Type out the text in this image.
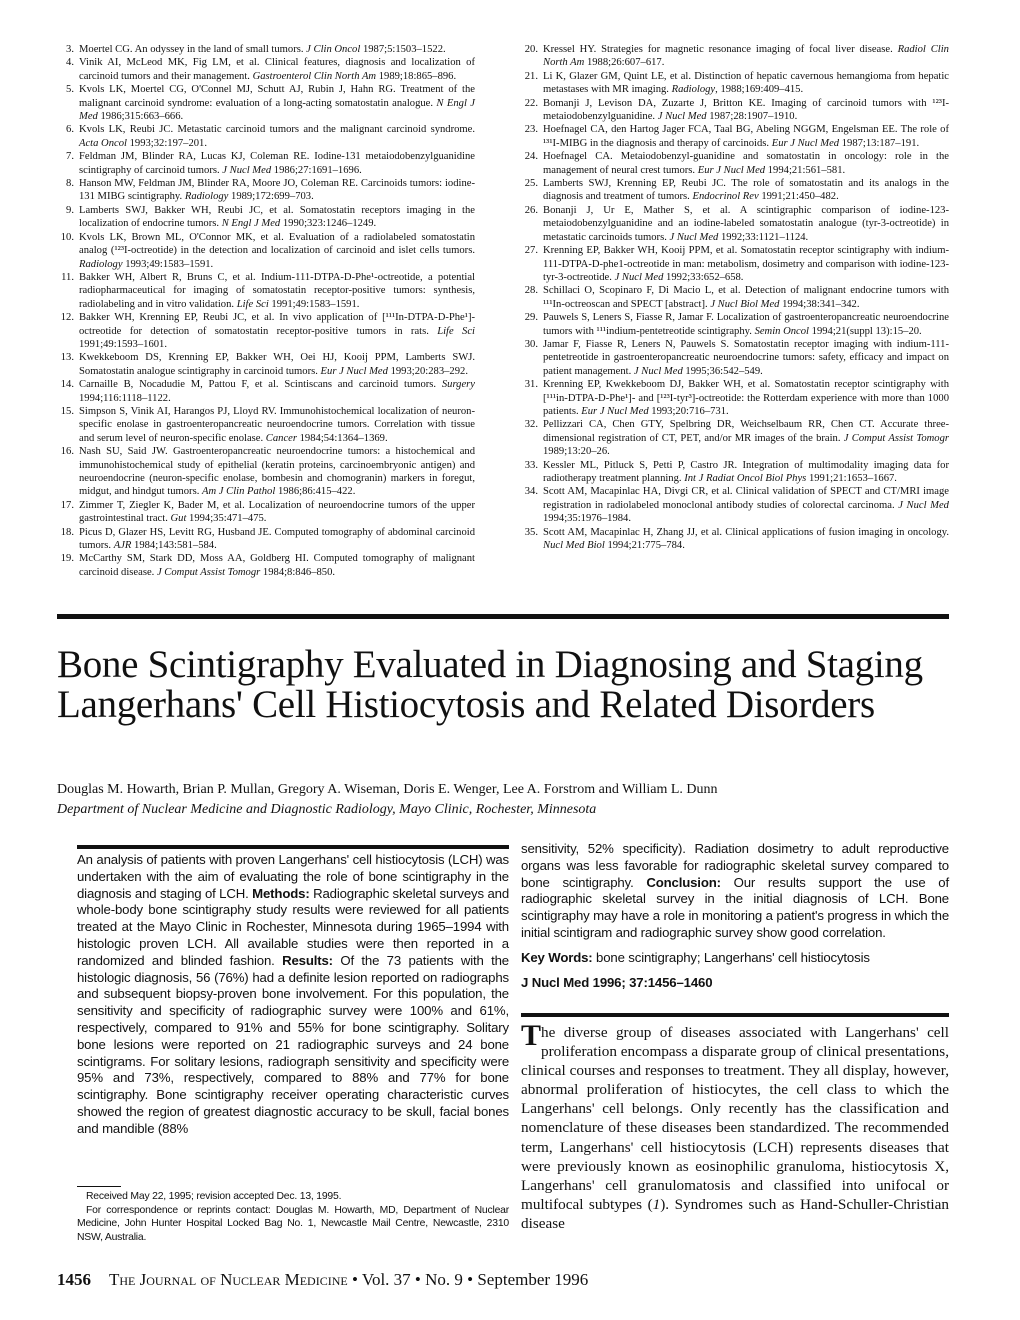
3. Moertel CG. An odyssey in the land of small tumors. J Clin Oncol 1987;5:1503–1522.

4. Vinik AI, McLeod MK, Fig LM, et al. Clinical features, diagnosis and localization of carcinoid tumors and their management. Gastroenterol Clin North Am 1989;18:865–896.

5. Kvols LK, Moertel CG, O'Connel MJ, Schutt AJ, Rubin J, Hahn RG. Treatment of the malignant carcinoid syndrome: evaluation of a long-acting somatostatin analogue. N Engl J Med 1986;315:663–666.

6. Kvols LK, Reubi JC. Metastatic carcinoid tumors and the malignant carcinoid syndrome. Acta Oncol 1993;32:197–201.

7. Feldman JM, Blinder RA, Lucas KJ, Coleman RE. Iodine-131 metaiodobenzylguanidine scintigraphy of carcinoid tumors. J Nucl Med 1986;27:1691–1696.

8. Hanson MW, Feldman JM, Blinder RA, Moore JO, Coleman RE. Carcinoids tumors: iodine-131 MIBG scintigraphy. Radiology 1989;172:699–703.

9. Lamberts SWJ, Bakker WH, Reubi JC, et al. Somatostatin receptors imaging in the localization of endocrine tumors. N Engl J Med 1990;323:1246–1249.

10. Kvols LK, Brown ML, O'Connor MK, et al. Evaluation of a radiolabeled somatostatin analog (¹²³I-octreotide) in the detection and localization of carcinoid and islet cells tumors. Radiology 1993;49:1583–1591.

11. Bakker WH, Albert R, Bruns C, et al. Indium-111-DTPA-D-Phe¹-octreotide, a potential radiopharmaceutical for imaging of somatostatin receptor-positive tumors: synthesis, radiolabeling and in vitro validation. Life Sci 1991;49:1583–1591.

12. Bakker WH, Krenning EP, Reubi JC, et al. In vivo application of [¹¹¹In-DTPA-D-Phe¹]-octreotide for detection of somatostatin receptor-positive tumors in rats. Life Sci 1991;49:1593–1601.

13. Kwekkeboom DS, Krenning EP, Bakker WH, Oei HJ, Kooij PPM, Lamberts SWJ. Somatostatin analogue scintigraphy in carcinoid tumors. Eur J Nucl Med 1993;20:283–292.

14. Carnaille B, Nocadudie M, Pattou F, et al. Scintiscans and carcinoid tumors. Surgery 1994;116:1118–1122.

15. Simpson S, Vinik AI, Harangos PJ, Lloyd RV. Immunohistochemical localization of neuron-specific enolase in gastroenteropancreatic neuroendocrine tumors. Correlation with tissue and serum level of neuron-specific enolase. Cancer 1984;54:1364–1369.

16. Nash SU, Said JW. Gastroenteropancreatic neuroendocrine tumors: a histochemical and immunohistochemical study of epithelial (keratin proteins, carcinoembryonic antigen) and neuroendocrine (neuron-specific enolase, bombesin and chomogranin) markers in foregut, midgut, and hindgut tumors. Am J Clin Pathol 1986;86:415–422.

17. Zimmer T, Ziegler K, Bader M, et al. Localization of neuroendocrine tumors of the upper gastrointestinal tract. Gut 1994;35:471–475.

18. Picus D, Glazer HS, Levitt RG, Husband JE. Computed tomography of abdominal carcinoid tumors. AJR 1984;143:581–584.

19. McCarthy SM, Stark DD, Moss AA, Goldberg HI. Computed tomography of malignant carcinoid disease. J Comput Assist Tomogr 1984;8:846–850.

20. Kressel HY. Strategies for magnetic resonance imaging of focal liver disease. Radiol Clin North Am 1988;26:607–617.

21. Li K, Glazer GM, Quint LE, et al. Distinction of hepatic cavernous hemangioma from hepatic metastases with MR imaging. Radiology, 1988;169:409–415.

22. Bomanji J, Levison DA, Zuzarte J, Britton KE. Imaging of carcinoid tumors with ¹²³I-metaiodobenzylguanidine. J Nucl Med 1987;28:1907–1910.

23. Hoefnagel CA, den Hartog Jager FCA, Taal BG, Abeling NGGM, Engelsman EE. The role of ¹³¹I-MIBG in the diagnosis and therapy of carcinoids. Eur J Nucl Med 1987;13:187–191.

24. Hoefnagel CA. Metaiodobenzyl-guanidine and somatostatin in oncology: role in the management of neural crest tumors. Eur J Nucl Med 1994;21:561–581.

25. Lamberts SWJ, Krenning EP, Reubi JC. The role of somatostatin and its analogs in the diagnosis and treatment of tumors. Endocrinol Rev 1991;21:450–482.

26. Bonanji J, Ur E, Mather S, et al. A scintigraphic comparison of iodine-123-metaiodobenzylguanidine and an iodine-labeled somatostatin analogue (tyr-3-octreotide) in metastatic carcinoids tumors. J Nucl Med 1992;33:1121–1124.

27. Krenning EP, Bakker WH, Kooij PPM, et al. Somatostatin receptor scintigraphy with indium-111-DTPA-D-phe1-octreotide in man: metabolism, dosimetry and comparison with iodine-123-tyr-3-octreotide. J Nucl Med 1992;33:652–658.

28. Schillaci O, Scopinaro F, Di Macio L, et al. Detection of malignant endocrine tumors with ¹¹¹In-octreoscan and SPECT [abstract]. J Nucl Biol Med 1994;38:341–342.

29. Pauwels S, Leners S, Fiasse R, Jamar F. Localization of gastroenteropancreatic neuroendocrine tumors with ¹¹¹indium-pentetreotide scintigraphy. Semin Oncol 1994;21(suppl 13):15–20.

30. Jamar F, Fiasse R, Leners N, Pauwels S. Somatostatin receptor imaging with indium-111-pentetreotide in gastroenteropancreatic neuroendocrine tumors: safety, efficacy and impact on patient management. J Nucl Med 1995;36:542–549.

31. Krenning EP, Kwekkeboom DJ, Bakker WH, et al. Somatostatin receptor scintigraphy with [¹¹¹in-DTPA-D-Phe¹]- and [¹²³I-tyr³]-octreotide: the Rotterdam experience with more than 1000 patients. Eur J Nucl Med 1993;20:716–731.

32. Pellizzari CA, Chen GTY, Spelbring DR, Weichselbaum RR, Chen CT. Accurate three-dimensional registration of CT, PET, and/or MR images of the brain. J Comput Assist Tomogr 1989;13:20–26.

33. Kessler ML, Pitluck S, Petti P, Castro JR. Integration of multimodality imaging data for radiotherapy treatment planning. Int J Radiat Oncol Biol Phys 1991;21:1653–1667.

34. Scott AM, Macapinlac HA, Divgi CR, et al. Clinical validation of SPECT and CT/MRI image registration in radiolabeled monoclonal antibody studies of colorectal carcinoma. J Nucl Med 1994;35:1976–1984.

35. Scott AM, Macapinlac H, Zhang JJ, et al. Clinical applications of fusion imaging in oncology. Nucl Med Biol 1994;21:775–784.

Bone Scintigraphy Evaluated in Diagnosing and Staging Langerhans' Cell Histiocytosis and Related Disorders
Douglas M. Howarth, Brian P. Mullan, Gregory A. Wiseman, Doris E. Wenger, Lee A. Forstrom and William L. Dunn
Department of Nuclear Medicine and Diagnostic Radiology, Mayo Clinic, Rochester, Minnesota
An analysis of patients with proven Langerhans' cell histiocytosis (LCH) was undertaken with the aim of evaluating the role of bone scintigraphy in the diagnosis and staging of LCH. Methods: Radiographic skeletal surveys and whole-body bone scintigraphy study results were reviewed for all patients treated at the Mayo Clinic in Rochester, Minnesota during 1965–1994 with histologic proven LCH. All available studies were then reported in a randomized and blinded fashion. Results: Of the 73 patients with the histologic diagnosis, 56 (76%) had a definite lesion reported on radiographs and subsequent biopsy-proven bone involvement. For this population, the sensitivity and specificity of radiographic survey were 100% and 61%, respectively, compared to 91% and 55% for bone scintigraphy. Solitary bone lesions were reported on 21 radiographic surveys and 24 bone scintigrams. For solitary lesions, radiograph sensitivity and specificity were 95% and 73%, respectively, compared to 88% and 77% for bone scintigraphy. Bone scintigraphy receiver operating characteristic curves showed the region of greatest diagnostic accuracy to be skull, facial bones and mandible (88%

sensitivity, 52% specificity). Radiation dosimetry to adult reproductive organs was less favorable for radiographic skeletal survey compared to bone scintigraphy. Conclusion: Our results support the use of radiographic skeletal survey in the initial diagnosis of LCH. Bone scintigraphy may have a role in monitoring a patient's progress in which the initial scintigram and radiographic survey show good correlation.

Key Words: bone scintigraphy; Langerhans' cell histiocytosis

J Nucl Med 1996; 37:1456–1460

The diverse group of diseases associated with Langerhans' cell proliferation encompass a disparate group of clinical presentations, clinical courses and responses to treatment. They all display, however, abnormal proliferation of histiocytes, the cell class to which the Langerhans' cell belongs. Only recently has the classification and nomenclature of these diseases been standardized. The recommended term, Langerhans' cell histiocytosis (LCH) represents diseases that were previously known as eosinophilic granuloma, histiocytosis X, Langerhans' cell granulomatosis and classified into unifocal or multifocal subtypes (1). Syndromes such as Hand-Schuller-Christian disease

Received May 22, 1995; revision accepted Dec. 13, 1995.

For correspondence or reprints contact: Douglas M. Howarth, MD, Department of Nuclear Medicine, John Hunter Hospital Locked Bag No. 1, Newcastle Mail Centre, Newcastle, 2310 NSW, Australia.

1456 The Journal of Nuclear Medicine • Vol. 37 • No. 9 • September 1996
